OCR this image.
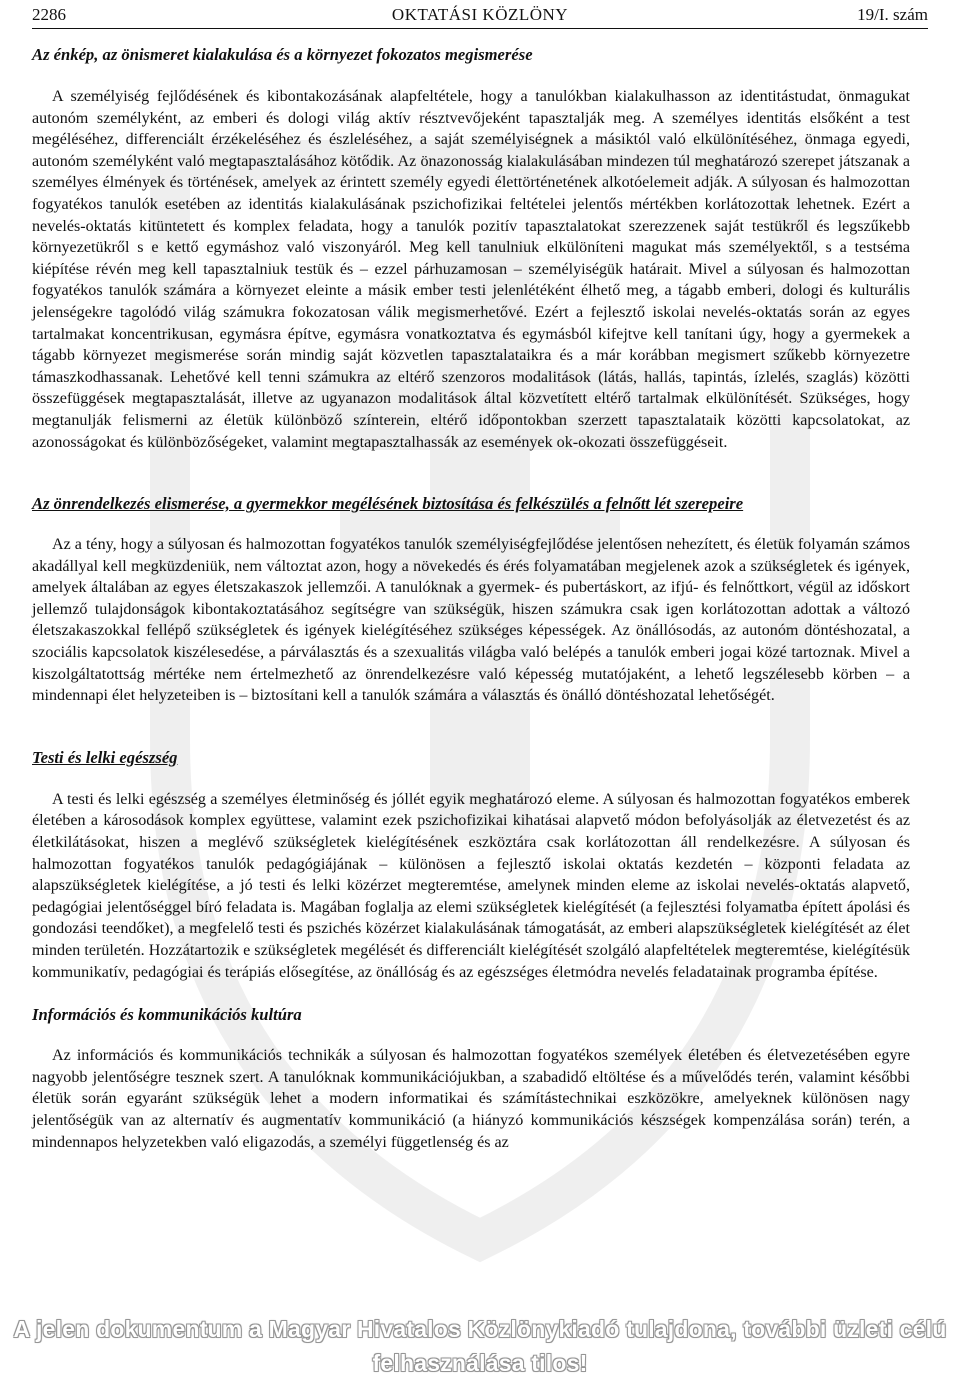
2286	OKTATÁSI KÖZLÖNY	19/I. szám
Az énkép, az önismeret kialakulása és a környezet fokozatos megismerése

A személyiség fejlődésének és kibontakozásának alapfeltétele, hogy a tanulókban kialakulhasson az identitástudat, önmagukat autonóm személyként, az emberi és dologi világ aktív résztvevőjeként tapasztalják meg. A személyes identitás elsőként a test megéléséhez, differenciált érzékeléséhez és észleléséhez, a saját személyiségnek a másiktól való elkülönítéséhez, önmaga egyedi, autonóm személyként való megtapasztalásához kötődik. Az önazonosság kialakulásában mindezen túl meghatározó szerepet játszanak a személyes élmények és történések, amelyek az érintett személy egyedi élettörténetének alkotóelemeit adják. A súlyosan és halmozottan fogyatékos tanulók esetében az identitás kialakulásának pszichofizikai feltételei jelentős mértékben korlátozottak lehetnek. Ezért a nevelés-oktatás kitüntetett és komplex feladata, hogy a tanulók pozitív tapasztalatokat szerezzenek saját testükről és legszűkebb környezetükről s e kettő egymáshoz való viszonyáról. Meg kell tanulniuk elkülöníteni magukat más személyektől, s a testséma kiépítése révén meg kell tapasztalniuk testük és – ezzel párhuzamosan – személyiségük határait. Mivel a súlyosan és halmozottan fogyatékos tanulók számára a környezet eleinte a másik ember testi jelenlétéként élhető meg, a tágabb emberi, dologi és kulturális jelenségekre tagolódó világ számukra fokozatosan válik megismerhetővé. Ezért a fejlesztő iskolai nevelés-oktatás során az egyes tartalmakat koncentrikusan, egymásra építve, egymásra vonatkoztatva és egymásból kifejtve kell tanítani úgy, hogy a gyermekek a tágabb környezet megismerése során mindig saját közvetlen tapasztalataikra és a már korábban megismert szűkebb környezetre támaszkodhassanak. Lehetővé kell tenni számukra az eltérő szenzoros modalitások (látás, hallás, tapintás, ízlelés, szaglás) közötti összefüggések megtapasztalását, illetve az ugyanazon modalitások által közvetített eltérő tartalmak elkülönítését. Szükséges, hogy megtanulják felismerni az életük különböző színterein, eltérő időpontokban szerzett tapasztalataik közötti kapcsolatokat, az azonosságokat és különbözőségeket, valamint megtapasztalhassák az események ok-okozati összefüggéseit.

Az önrendelkezés elismerése, a gyermekkor megélésének biztosítása és felkészülés a felnőtt lét szerepeire

Az a tény, hogy a súlyosan és halmozottan fogyatékos tanulók személyiségfejlődése jelentősen nehezített, és életük folyamán számos akadállyal kell megküzdeniük, nem változtat azon, hogy a növekedés és érés folyamatában megjelenek azok a szükségletek és igények, amelyek általában az egyes életszakaszok jellemzői. A tanulóknak a gyermek- és pubertáskort, az ifjú- és felnőttkort, végül az időskort jellemző tulajdonságok kibontakoztatásához segítségre van szükségük, hiszen számukra csak igen korlátozottan adottak a változó életszakaszokkal fellépő szükségletek és igények kielégítéséhez szükséges képességek. Az önállósodás, az autonóm döntéshozatal, a szociális kapcsolatok kiszélesedése, a párválasztás és a szexualitás világba való belépés a tanulók emberi jogai közé tartoznak. Mivel a kiszolgáltatottság mértéke nem értelmezhető az önrendelkezésre való képesség mutatójaként, a lehető legszélesebb körben – a mindennapi élet helyzeteiben is – biztosítani kell a tanulók számára a választás és önálló döntéshozatal lehetőségét.

Testi és lelki egészség

A testi és lelki egészség a személyes életminőség és jóllét egyik meghatározó eleme. A súlyosan és halmozottan fogyatékos emberek életében a károsodások komplex együttese, valamint ezek pszichofizikai kihatásai alapvető módon befolyásolják az életvezetést és az életkilátásokat, hiszen a meglévő szükségletek kielégítésének eszköztára csak korlátozottan áll rendelkezésre. A súlyosan és halmozottan fogyatékos tanulók pedagógiájának – különösen a fejlesztő iskolai oktatás kezdetén – központi feladata az alapszükségletek kielégítése, a jó testi és lelki közérzet megteremtése, amelynek minden eleme az iskolai nevelés-oktatás alapvető, pedagógiai jelentőséggel bíró feladata is. Magában foglalja az elemi szükségletek kielégítését (a fejlesztési folyamatba épített ápolási és gondozási teendőket), a megfelelő testi és pszichés közérzet kialakulásának támogatását, az emberi alapszükségletek kielégítését az élet minden területén. Hozzátartozik e szükségletek megélését és differenciált kielégítését szolgáló alapfeltételek megteremtése, kielégítésük kommunikatív, pedagógiai és terápiás elősegítése, az önállóság és az egészséges életmódra nevelés feladatainak programba építése.

Információs és kommunikációs kultúra

Az információs és kommunikációs technikák a súlyosan és halmozottan fogyatékos személyek életében és életvezetésében egyre nagyobb jelentőségre tesznek szert. A tanulóknak kommunikációjukban, a szabadidő eltöltése és a művelődés terén, valamint későbbi életük során egyaránt szükségük lehet a modern informatikai és számítástechnikai eszközökre, amelyeknek különösen nagy jelentőségük van az alternatív és augmentatív kommunikáció (a hiányzó kommunikációs készségek kompenzálása során) terén, a mindennapos helyzetekben való eligazodás, a személyi függetlenség és az

A jelen dokumentum a Magyar Hivatalos Közlönykiadó tulajdona, további üzleti célú felhasználása tilos!
